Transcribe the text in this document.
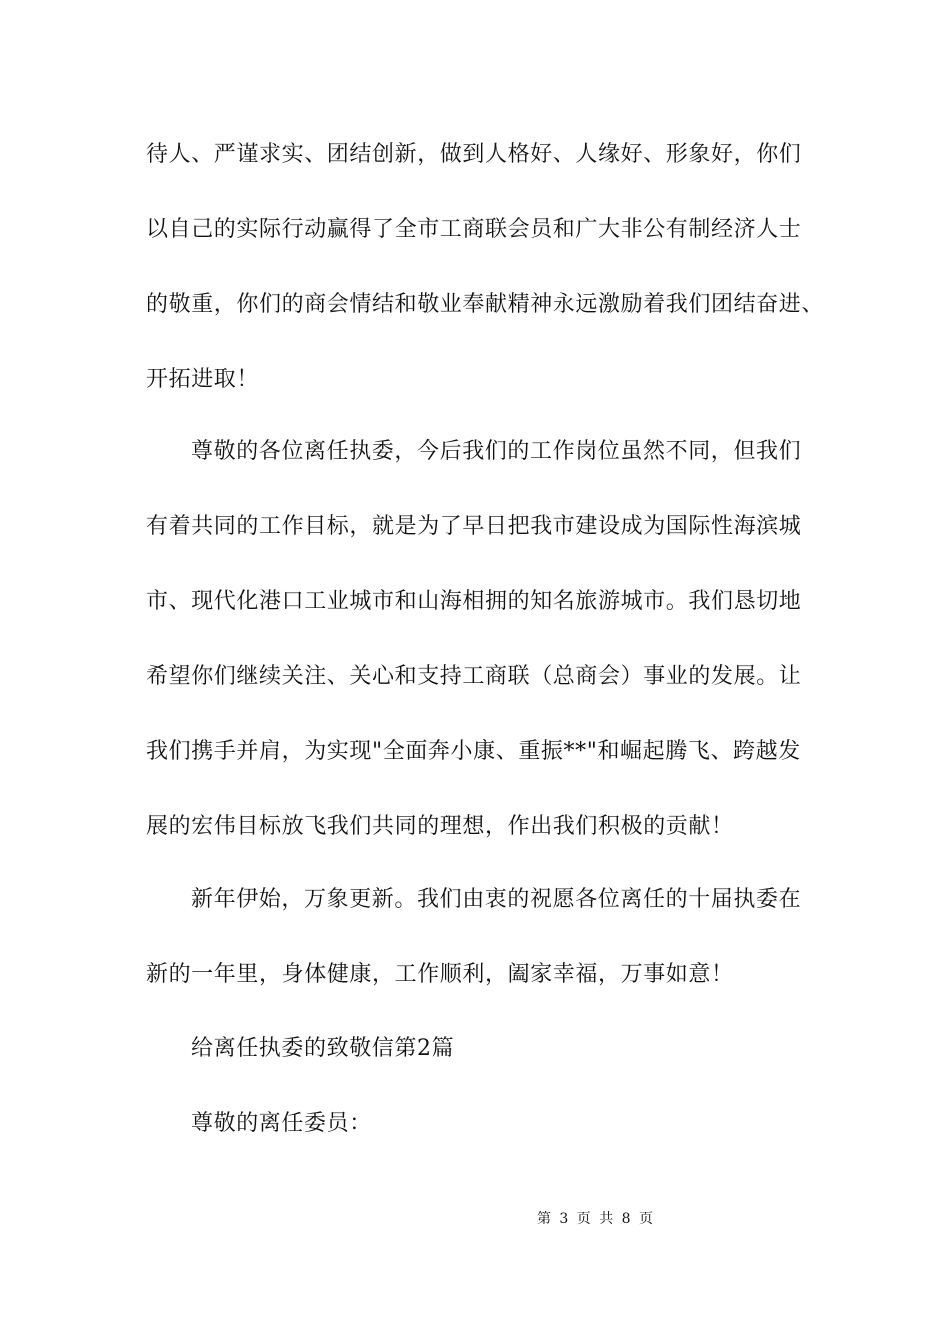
待人、严谨求实、团结创新，做到人格好、人缘好、形象好，你们
以自己的实际行动赢得了全市工商联会员和广大非公有制经济人士
的敬重，你们的商会情结和敬业奉献精神永远激励着我们团结奋进、
开拓进取！
尊敬的各位离任执委，今后我们的工作岗位虽然不同，但我们
有着共同的工作目标，就是为了早日把我市建设成为国际性海滨城
市、现代化港口工业城市和山海相拥的知名旅游城市。我们恳切地
希望你们继续关注、关心和支持工商联（总商会）事业的发展。让
我们携手并肩，为实现"全面奔小康、重振**"和崛起腾飞、跨越发
展的宏伟目标放飞我们共同的理想，作出我们积极的贡献！
新年伊始，万象更新。我们由衷的祝愿各位离任的十届执委在
新的一年里，身体健康，工作顺利，阖家幸福，万事如意！
给离任执委的致敬信第2篇
尊敬的离任委员：
第 3 页 共 8 页
